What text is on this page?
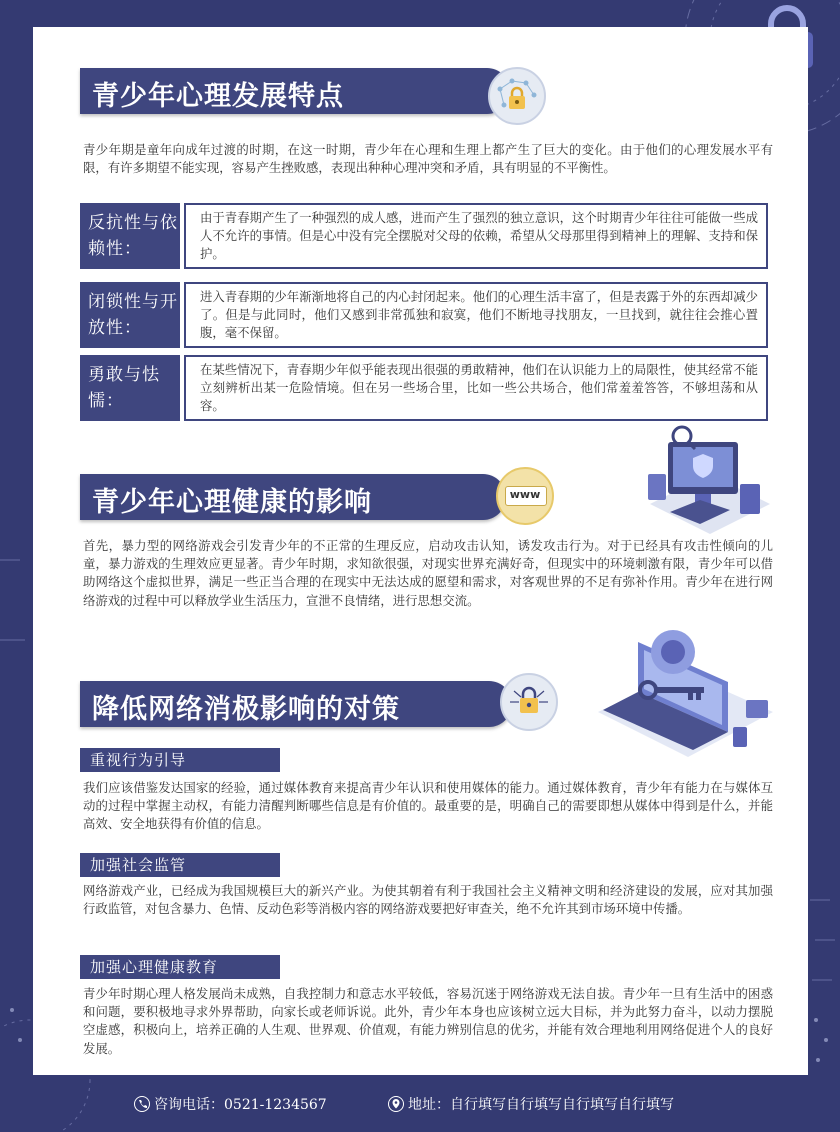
青少年心理发展特点

青少年期是童年向成年过渡的时期，在这一时期，青少年在心理和生理上都产生了巨大的变化。由于他们的心理发展水平有限，有许多期望不能实现，容易产生挫败感，表现出种种心理冲突和矛盾，具有明显的不平衡性。

反抗性与依赖性：
由于青春期产生了一种强烈的成人感，进而产生了强烈的独立意识，这个时期青少年往往可能做一些成人不允许的事情。但是心中没有完全摆脱对父母的依赖，希望从父母那里得到精神上的理解、支持和保护。
闭锁性与开放性：
进入青春期的少年渐渐地将自己的内心封闭起来。他们的心理生活丰富了，但是表露于外的东西却减少了。但是与此同时，他们又感到非常孤独和寂寞，他们不断地寻找朋友，一旦找到，就往往会推心置腹，毫不保留。
勇敢与怯懦：
在某些情况下，青春期少年似乎能表现出很强的勇敢精神，他们在认识能力上的局限性，使其经常不能立刻辨析出某一危险情境。但在另一些场合里，比如一些公共场合，他们常羞羞答答，不够坦荡和从容。
青少年心理健康的影响	www

首先，暴力型的网络游戏会引发青少年的不正常的生理反应，启动攻击认知，诱发攻击行为。对于已经具有攻击性倾向的儿童，暴力游戏的生理效应更显著。青少年时期，求知欲很强，对现实世界充满好奇，但现实中的环境刺激有限，青少年可以借助网络这个虚拟世界，满足一些正当合理的在现实中无法达成的愿望和需求，对客观世界的不足有弥补作用。青少年在进行网络游戏的过程中可以释放学业生活压力，宣泄不良情绪，进行思想交流。

降低网络消极影响的对策
重视行为引导

我们应该借鉴发达国家的经验，通过媒体教育来提高青少年认识和使用媒体的能力。通过媒体教育，青少年有能力在与媒体互动的过程中掌握主动权，有能力清醒判断哪些信息是有价值的。最重要的是，明确自己的需要即想从媒体中得到是什么，并能高效、安全地获得有价值的信息。

加强社会监管

网络游戏产业，已经成为我国规模巨大的新兴产业。为使其朝着有利于我国社会主义精神文明和经济建设的发展，应对其加强行政监管，对包含暴力、色情、反动色彩等消极内容的网络游戏要把好审查关，绝不允许其到市场环境中传播。

加强心理健康教育

青少年时期心理人格发展尚未成熟，自我控制力和意志水平较低，容易沉迷于网络游戏无法自拔。青少年一旦有生活中的困惑和问题，要积极地寻求外界帮助，向家长或老师诉说。此外，青少年本身也应该树立远大目标，并为此努力奋斗，以动力摆脱空虚感，积极向上，培养正确的人生观、世界观、价值观，有能力辨别信息的优劣，并能有效合理地利用网络促进个人的良好发展。

咨询电话：0521-1234567	地址：自行填写自行填写自行填写自行填写
